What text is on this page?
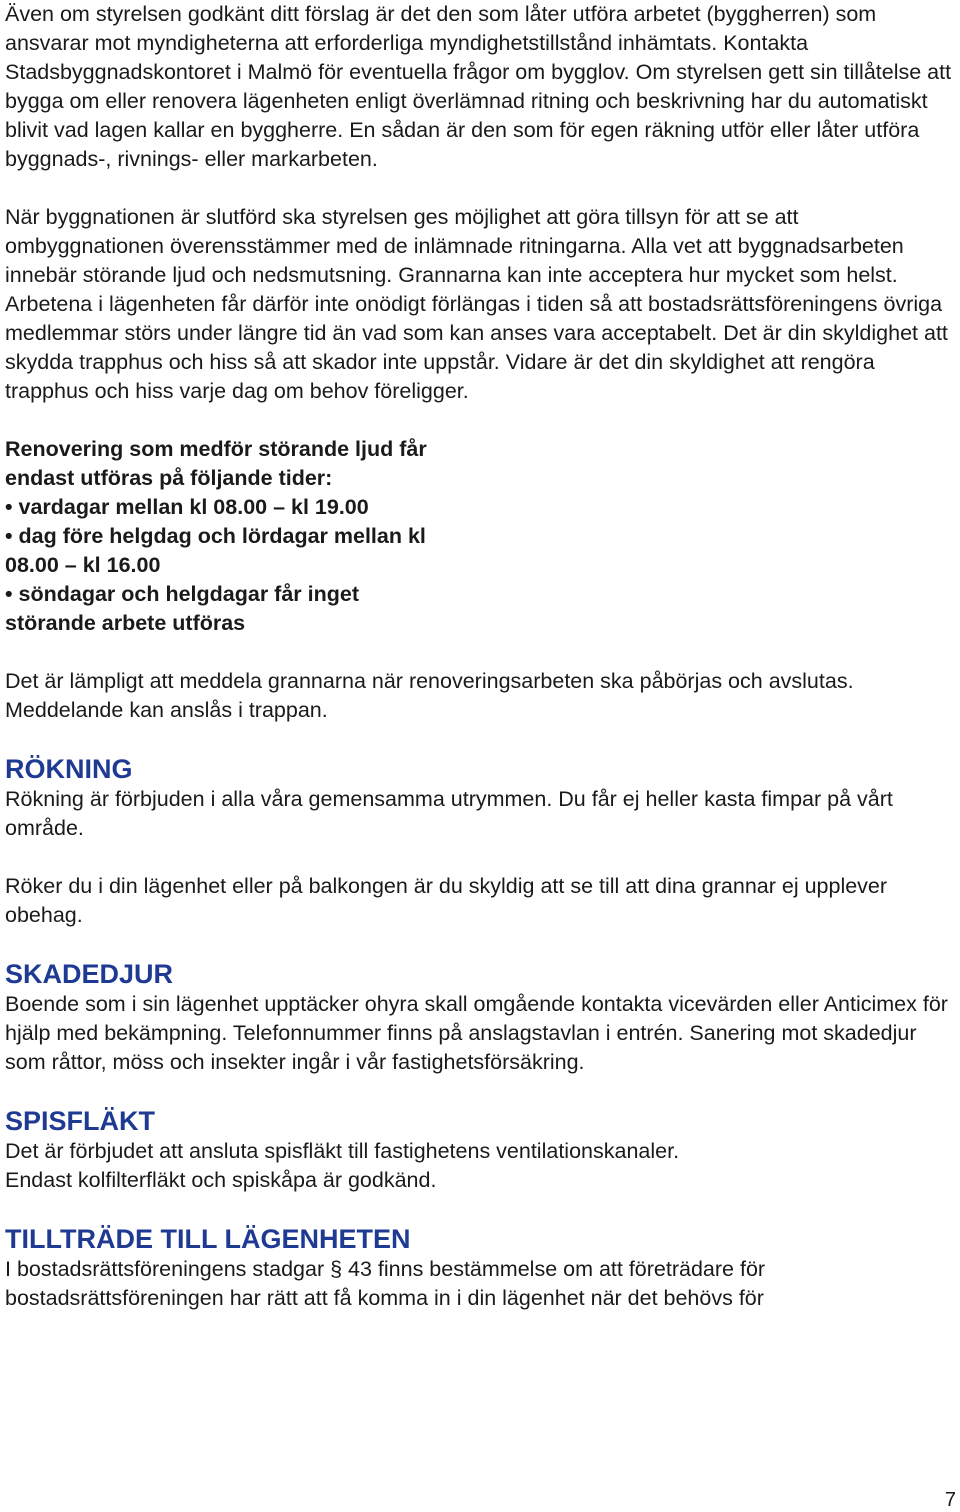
Även om styrelsen godkänt ditt förslag är det den som låter utföra arbetet (byggherren) som ansvarar mot myndigheterna att erforderliga myndighetstillstånd inhämtats. Kontakta Stadsbyggnadskontoret i Malmö för eventuella frågor om bygglov. Om styrelsen gett sin tillåtelse att bygga om eller renovera lägenheten enligt överlämnad ritning och beskrivning har du automatiskt blivit vad lagen kallar en byggherre. En sådan är den som för egen räkning utför eller låter utföra byggnads-, rivnings- eller markarbeten.

När byggnationen är slutförd ska styrelsen ges möjlighet att göra tillsyn för att se att ombyggnationen överensstämmer med de inlämnade ritningarna. Alla vet att byggnadsarbeten innebär störande ljud och nedsmutsning. Grannarna kan inte acceptera hur mycket som helst. Arbetena i lägenheten får därför inte onödigt förlängas i tiden så att bostadsrättsföreningens övriga medlemmar störs under längre tid än vad som kan anses vara acceptabelt. Det är din skyldighet att skydda trapphus och hiss så att skador inte uppstår. Vidare är det din skyldighet att rengöra trapphus och hiss varje dag om behov föreligger.

Renovering som medför störande ljud får endast utföras på följande tider:
• vardagar mellan kl 08.00 – kl 19.00
• dag före helgdag och lördagar mellan kl 08.00 – kl 16.00
• söndagar och helgdagar får inget störande arbete utföras

Det är lämpligt att meddela grannarna när renoveringsarbeten ska påbörjas och avslutas. Meddelande kan anslås i trappan.

RÖKNING

Rökning är förbjuden i alla våra gemensamma utrymmen. Du får ej heller kasta fimpar på vårt område.

Röker du i din lägenhet eller på balkongen är du skyldig att se till att dina grannar ej upplever obehag.

SKADEDJUR

Boende som i sin lägenhet upptäcker ohyra skall omgående kontakta vicevärden eller Anticimex för hjälp med bekämpning. Telefonnummer finns på anslagstavlan i entrén. Sanering mot skadedjur som råttor, möss och insekter ingår i vår fastighetsförsäkring.

SPISFLÄKT

Det är förbjudet att ansluta spisfläkt till fastighetens ventilationskanaler.

Endast kolfilterfläkt och spiskåpa är godkänd.

TILLTRÄDE TILL LÄGENHETEN

I bostadsrättsföreningens stadgar § 43 finns bestämmelse om att företrädare för bostadsrättsföreningen har rätt att få komma in i din lägenhet när det behövs för

7
